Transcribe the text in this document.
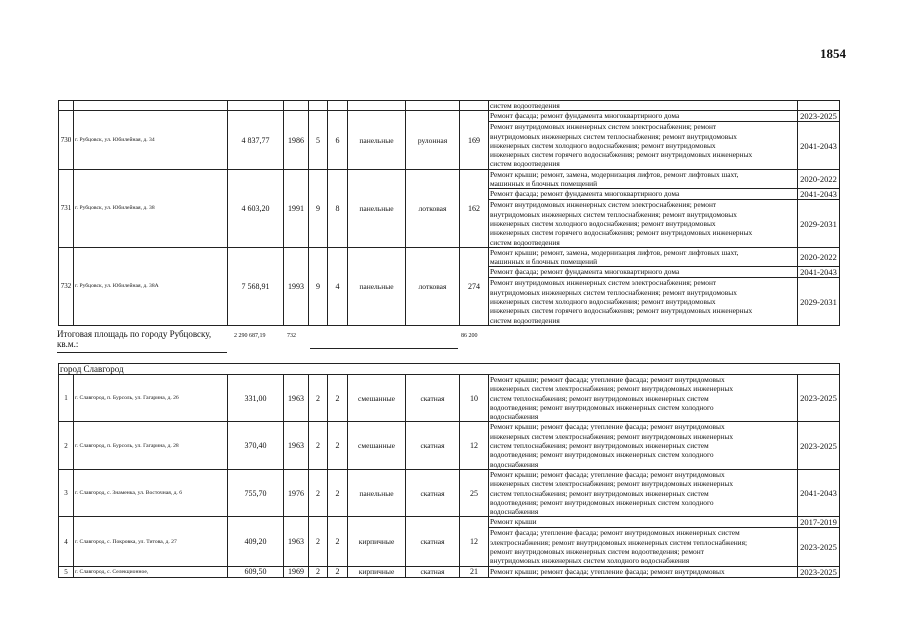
1854
									систем водоотведения	
730	г. Рубцовск, ул. Юбилейная, д. 34	4 837,77	1986	5	6	панельные	рулонная	169	Ремонт фасада; ремонт фундамента многоквартирного дома	2023-2025
									Ремонт внутридомовых инженерных систем электроснабжения; ремонт
внутридомовых инженерных систем теплоснабжения; ремонт внутридомовых
инженерных систем холодного водоснабжения; ремонт внутридомовых
инженерных систем горячего водоснабжения; ремонт внутридомовых инженерных
систем водоотведения	2041-2043
731	г. Рубцовск, ул. Юбилейная, д. 38	4 603,20	1991	9	8	панельные	лотковая	162	Ремонт крыши; ремонт, замена, модернизация лифтов, ремонт лифтовых шахт,
машинных и блочных помещений	2020-2022
									Ремонт фасада; ремонт фундамента многоквартирного дома	2041-2043
									Ремонт внутридомовых инженерных систем электроснабжения; ремонт
внутридомовых инженерных систем теплоснабжения; ремонт внутридомовых
инженерных систем холодного водоснабжения; ремонт внутридомовых
инженерных систем горячего водоснабжения; ремонт внутридомовых инженерных
систем водоотведения	2029-2031
732	г. Рубцовск, ул. Юбилейная, д. 38А	7 568,91	1993	9	4	панельные	лотковая	274	Ремонт крыши; ремонт, замена, модернизация лифтов, ремонт лифтовых шахт,
машинных и блочных помещений	2020-2022
									Ремонт фасада; ремонт фундамента многоквартирного дома	2041-2043
									Ремонт внутридомовых инженерных систем электроснабжения; ремонт
внутридомовых инженерных систем теплоснабжения; ремонт внутридомовых
инженерных систем холодного водоснабжения; ремонт внутридомовых
инженерных систем горячего водоснабжения; ремонт внутридомовых инженерных
систем водоотведения	2029-2031
Итоговая площадь по городу Рубцовску,
кв.м.:
2 290 687,19	732	86 200
город Славгород										
1	г. Славгород, п. Бурсоль, ул. Гагарина, д. 26	331,00	1963	2	2	смешанные	скатная	10	Ремонт крыши; ремонт фасада; утепление фасада; ремонт внутридомовых
инженерных систем электроснабжения; ремонт внутридомовых инженерных
систем теплоснабжения; ремонт внутридомовых инженерных систем
водоотведения; ремонт внутридомовых инженерных систем холодного
водоснабжения	2023-2025
2	г. Славгород, п. Бурсоль, ул. Гагарина, д. 28	370,40	1963	2	2	смешанные	скатная	12	Ремонт крыши; ремонт фасада; утепление фасада; ремонт внутридомовых
инженерных систем электроснабжения; ремонт внутридомовых инженерных
систем теплоснабжения; ремонт внутридомовых инженерных систем
водоотведения; ремонт внутридомовых инженерных систем холодного
водоснабжения	2023-2025
3	г. Славгород, с. Знаменка, ул. Восточная, д. 6	755,70	1976	2	2	панельные	скатная	25	Ремонт крыши; ремонт фасада; утепление фасада; ремонт внутридомовых
инженерных систем электроснабжения; ремонт внутридомовых инженерных
систем теплоснабжения; ремонт внутридомовых инженерных систем
водоотведения; ремонт внутридомовых инженерных систем холодного
водоснабжения	2041-2043
4	г. Славгород, с. Покровка, ул. Титова, д. 27	409,20	1963	2	2	кирпичные	скатная	12	Ремонт крыши	2017-2019
									Ремонт фасада; утепление фасада; ремонт внутридомовых инженерных систем
электроснабжения; ремонт внутридомовых инженерных систем теплоснабжения;
ремонт внутридомовых инженерных систем водоотведения; ремонт
внутридомовых инженерных систем холодного водоснабжения	2023-2025
5	г. Славгород, с. Селекционное,	609,50	1969	2	2	кирпичные	скатная	21	Ремонт крыши; ремонт фасада; утепление фасада; ремонт внутридомовых	2023-2025
